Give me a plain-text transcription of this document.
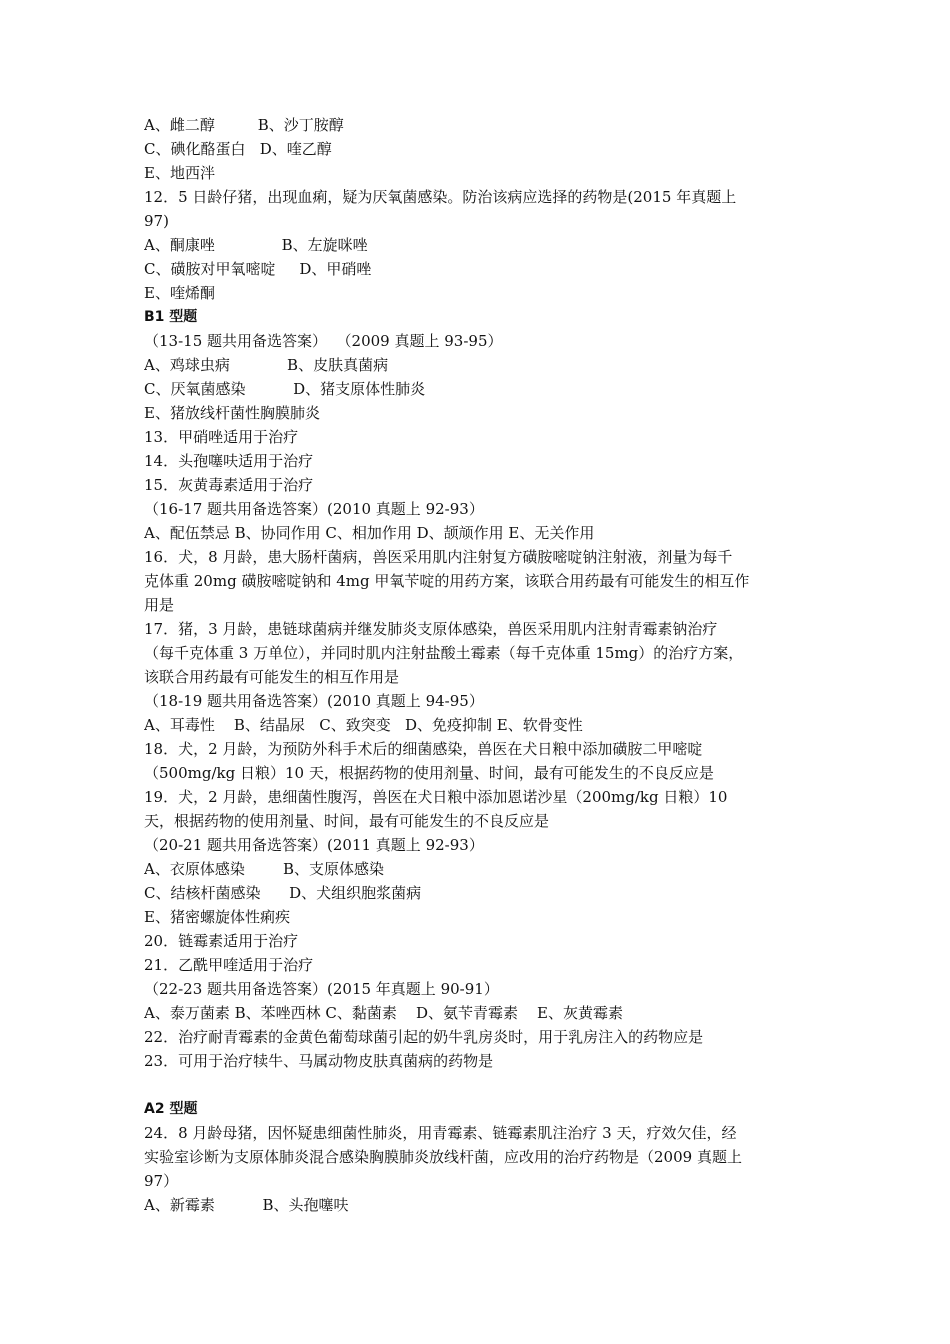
A、雌二醇         B、沙丁胺醇
C、碘化酪蛋白   D、喹乙醇
E、地西泮
12．5 日龄仔猪，出现血痢，疑为厌氧菌感染。防治该病应选择的药物是(2015 年真题上
97)
A、酮康唑              B、左旋咪唑
C、磺胺对甲氧嘧啶     D、甲硝唑
E、喹烯酮
B1 型题
（13-15 题共用备选答案）  （2009 真题上 93-95）
A、鸡球虫病            B、皮肤真菌病
C、厌氧菌感染          D、猪支原体性肺炎
E、猪放线杆菌性胸膜肺炎
13．甲硝唑适用于治疗
14．头孢噻呋适用于治疗
15．灰黄毒素适用于治疗
（16-17 题共用备选答案）(2010 真题上 92-93）
A、配伍禁忌 B、协同作用 C、相加作用 D、颉颃作用 E、无关作用
16．犬，8 月龄，患大肠杆菌病，兽医采用肌内注射复方磺胺嘧啶钠注射液，剂量为每千
克体重 20mg 磺胺嘧啶钠和 4mg 甲氧苄啶的用药方案，该联合用药最有可能发生的相互作
用是
17．猪，3 月龄，患链球菌病并继发肺炎支原体感染，兽医采用肌内注射青霉素钠治疗
（每千克体重 3 万单位），并同时肌内注射盐酸土霉素（每千克体重 15mg）的治疗方案，
该联合用药最有可能发生的相互作用是
（18-19 题共用备选答案）(2010 真题上 94-95）
A、耳毒性    B、结晶尿   C、致突变   D、免疫抑制 E、软骨变性
18．犬，2 月龄，为预防外科手术后的细菌感染，兽医在犬日粮中添加磺胺二甲嘧啶
（500mg/kg 日粮）10 天，根据药物的使用剂量、时间，最有可能发生的不良反应是
19．犬，2 月龄，患细菌性腹泻，兽医在犬日粮中添加恩诺沙星（200mg/kg 日粮）10
天，根据药物的使用剂量、时间，最有可能发生的不良反应是
（20-21 题共用备选答案）(2011 真题上 92-93）
A、衣原体感染        B、支原体感染
C、结核杆菌感染      D、犬组织胞浆菌病
E、猪密螺旋体性痢疾
20．链霉素适用于治疗
21．乙酰甲喹适用于治疗
（22-23 题共用备选答案）(2015 年真题上 90-91）
A、泰万菌素 B、苯唑西林 C、黏菌素    D、氨苄青霉素    E、灰黄霉素
22．治疗耐青霉素的金黄色葡萄球菌引起的奶牛乳房炎时，用于乳房注入的药物应是
23．可用于治疗犊牛、马属动物皮肤真菌病的药物是
A2 型题
24．8 月龄母猪，因怀疑患细菌性肺炎，用青霉素、链霉素肌注治疗 3 天，疗效欠佳，经
实验室诊断为支原体肺炎混合感染胸膜肺炎放线杆菌，应改用的治疗药物是（2009 真题上
97）
A、新霉素          B、头孢噻呋
